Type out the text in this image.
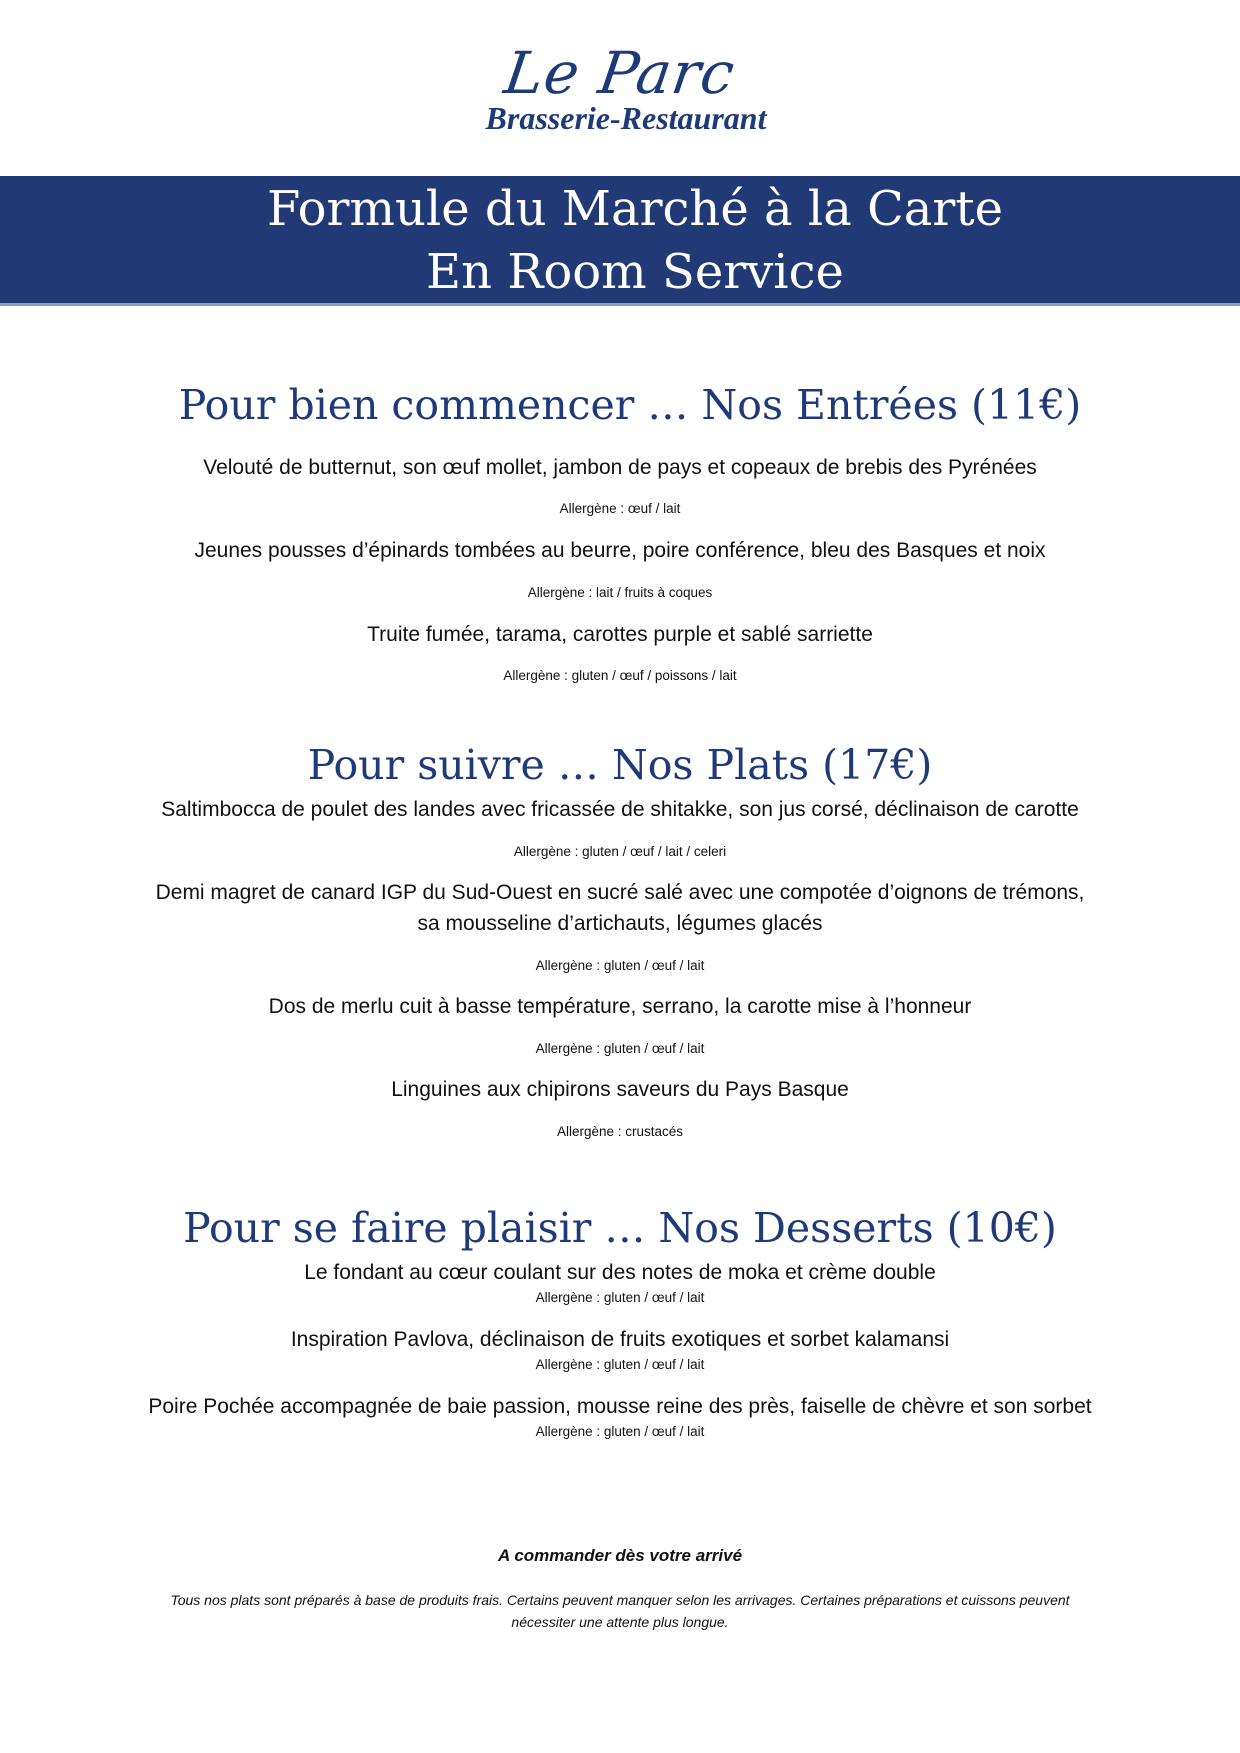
Le Parc
Brasserie-Restaurant
Formule du Marché à la Carte
En Room Service
Pour bien commencer … Nos Entrées (11€)
Velouté de butternut, son œuf mollet, jambon de pays et copeaux de brebis des Pyrénées
Allergène : œuf / lait
Jeunes pousses d’épinards tombées au beurre, poire conférence, bleu des Basques et noix
Allergène : lait / fruits à coques
Truite fumée, tarama, carottes purple et sablé sarriette
Allergène : gluten / œuf / poissons / lait
Pour suivre … Nos Plats (17€)
Saltimbocca de poulet des landes avec fricassée de shitakke, son jus corsé, déclinaison de carotte
Allergène : gluten / œuf / lait / celeri
Demi magret de canard IGP du Sud-Ouest en sucré salé avec une compotée d’oignons de trémons,
sa mousseline d’artichauts, légumes glacés
Allergène : gluten / œuf / lait
Dos de merlu cuit à basse température, serrano, la carotte mise à l’honneur
Allergène : gluten / œuf / lait
Linguines aux chipirons saveurs du Pays Basque
Allergène : crustacés
Pour se faire plaisir … Nos Desserts (10€)
Le fondant au cœur coulant sur des notes de moka et crème double
Allergène : gluten / œuf / lait
Inspiration Pavlova, déclinaison de fruits exotiques et sorbet kalamansi
Allergène : gluten / œuf / lait
Poire Pochée accompagnée de baie passion, mousse reine des près, faiselle de chèvre et son sorbet
Allergène : gluten / œuf / lait
A commander dès votre arrivé
Tous nos plats sont préparés à base de produits frais. Certains peuvent manquer selon les arrivages. Certaines préparations et cuissons peuvent nécessiter une attente plus longue.
